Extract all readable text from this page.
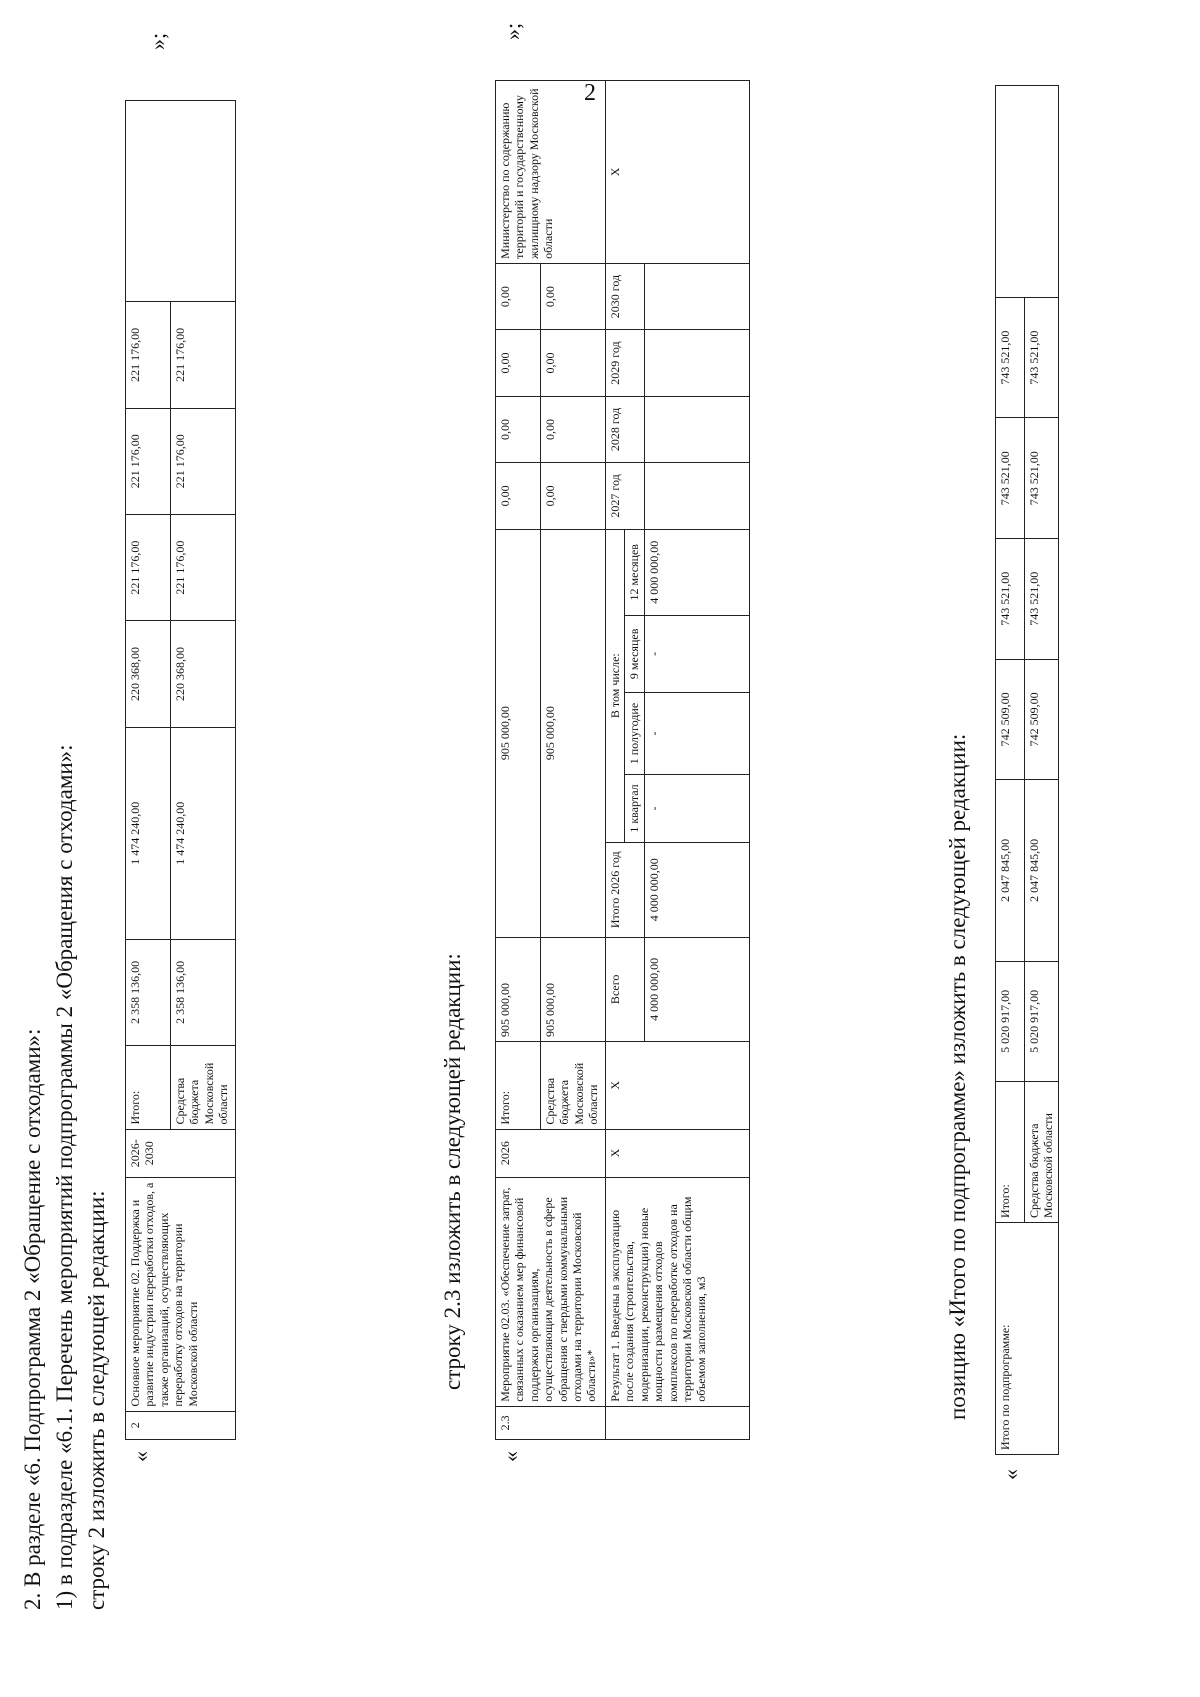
2
2. В разделе «6. Подпрограмма 2 «Обращение с отходами»: 1) в подразделе «6.1. Перечень мероприятий подпрограммы 2 «Обращения с отходами»: строку 2 изложить в следующей редакции: «
2	Основное мероприятие 02. Поддержка и развитие индустрии переработки отходов, а также организаций, осуществляющих переработку отходов на территории Московской области	2026-2030	Итого:	2 358 136,00	1 474 240,00	220 368,00	221 176,00	221 176,00	221 176,00	
			Средства бюджета Московской области	2 358 136,00	1 474 240,00	220 368,00	221 176,00	221 176,00	221 176,00	
»;
строку 2.3 изложить в следующей редакции:
«
2.3	Мероприятие 02.03. «Обеспечение затрат, связанных с оказанием мер финансовой поддержки организациям, осуществляющим деятельность в сфере обращения с твердыми коммунальными отходами на территории Московской области»*	2026	Итого:	905 000,00	905 000,00					0,00	0,00	0,00	0,00	Министерство по содержанию территорий и государственному жилищному надзору Московской области
			Средства бюджета Московской области	905 000,00	905 000,00					0,00	0,00	0,00	0,00	
	Результат 1. Введены в эксплуатацию после создания (строительства, модернизации, реконструкции) новые мощности размещения отходов комплексов по переработке отходов на территории Московской области общим объемом заполнения, м3	Х	Х	Всего	Итого 2026 год	В том числе:				2027 год	2028 год	2029 год	2030 год	Х
						1 квартал	1 полугодие	9 месяцев	12 месяцев					
				4 000 000,00	4 000 000,00	-	-	-	4 000 000,00					
»;
позицию «Итого по подпрограмме» изложить в следующей редакции:
«
Итого по подпрограмме:	Итого:	5 020 917,00	2 047 845,00	742 509,00	743 521,00	743 521,00	743 521,00	
	Средства бюджета Московской области	5 020 917,00	2 047 845,00	742 509,00	743 521,00	743 521,00	743 521,00	
